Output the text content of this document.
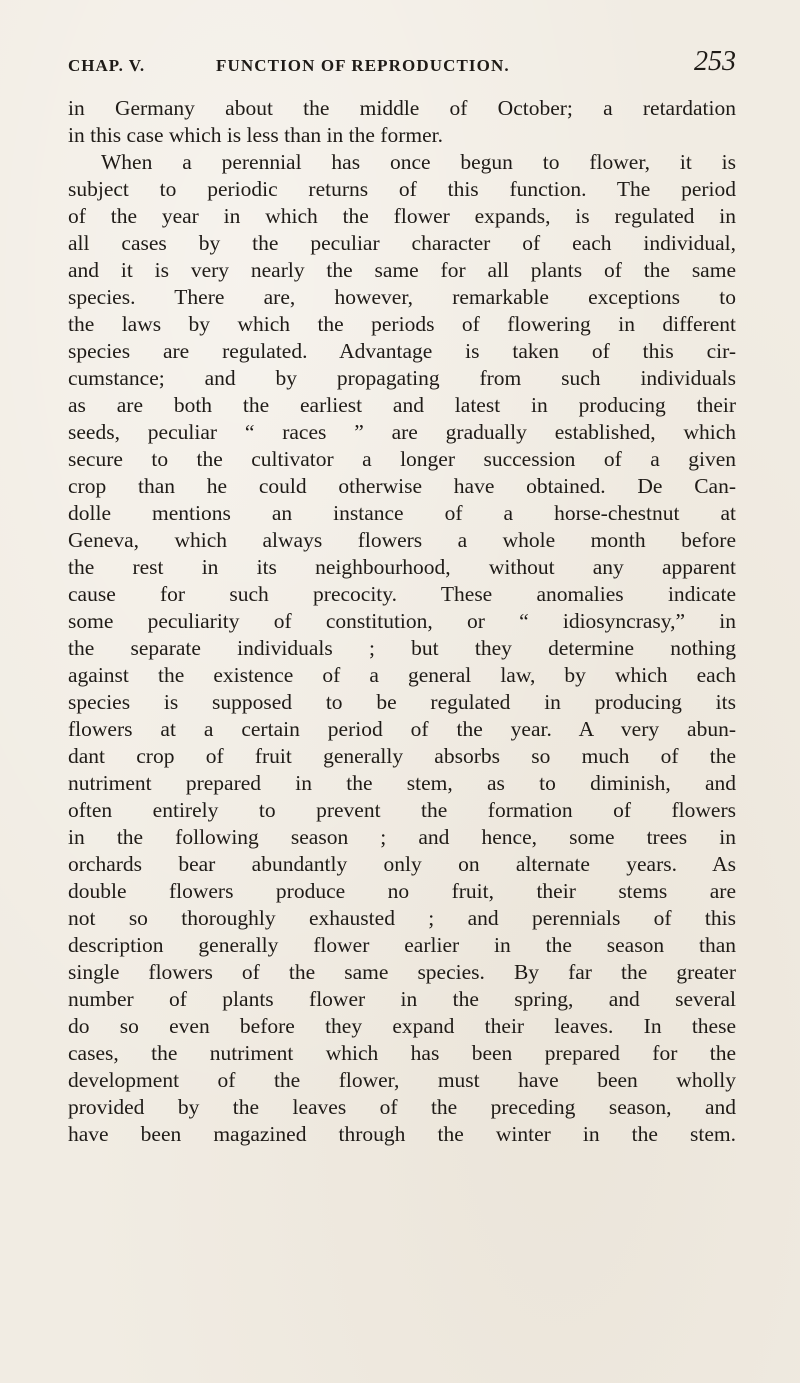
CHAP. V.	FUNCTION OF REPRODUCTION.	253
in Germany about the middle of October; a retardation
in this case which is less than in the former.
When a perennial has once begun to flower, it is
subject to periodic returns of this function. The period
of the year in which the flower expands, is regulated in
all cases by the peculiar character of each individual,
and it is very nearly the same for all plants of the same
species. There are, however, remarkable exceptions to
the laws by which the periods of flowering in different
species are regulated. Advantage is taken of this cir-
cumstance; and by propagating from such individuals
as are both the earliest and latest in producing their
seeds, peculiar “ races ” are gradually established, which
secure to the cultivator a longer succession of a given
crop than he could otherwise have obtained. De Can-
dolle mentions an instance of a horse-chestnut at
Geneva, which always flowers a whole month before
the rest in its neighbourhood, without any apparent
cause for such precocity. These anomalies indicate
some peculiarity of constitution, or “ idiosyncrasy,” in
the separate individuals ; but they determine nothing
against the existence of a general law, by which each
species is supposed to be regulated in producing its
flowers at a certain period of the year. A very abun-
dant crop of fruit generally absorbs so much of the
nutriment prepared in the stem, as to diminish, and
often entirely to prevent the formation of flowers
in the following season ; and hence, some trees in
orchards bear abundantly only on alternate years. As
double flowers produce no fruit, their stems are
not so thoroughly exhausted ; and perennials of this
description generally flower earlier in the season than
single flowers of the same species. By far the greater
number of plants flower in the spring, and several
do so even before they expand their leaves. In these
cases, the nutriment which has been prepared for the
development of the flower, must have been wholly
provided by the leaves of the preceding season, and
have been magazined through the winter in the stem.
